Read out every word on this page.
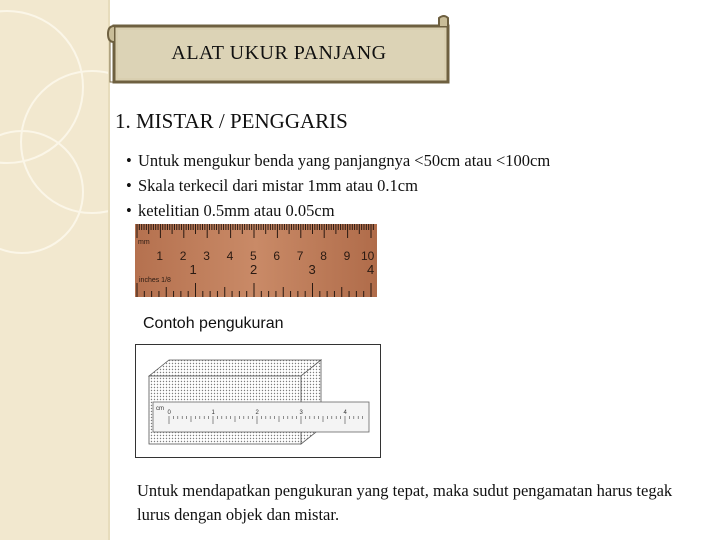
ALAT UKUR PANJANG
1. MISTAR / PENGGARIS
• Untuk mengukur benda yang panjangnya <50cm atau <100cm
• Skala terkecil dari mistar 1mm atau 0.1cm
• ketelitian 0.5mm atau 0.05cm
mm
inches 1/8
1 2 3 4 5 6 7 8 9 10
1	2	3	4
Contoh pengukuran
cm
0	1	2	3	4
Untuk mendapatkan pengukuran yang tepat, maka sudut pengamatan harus tegak lurus dengan objek dan mistar.
